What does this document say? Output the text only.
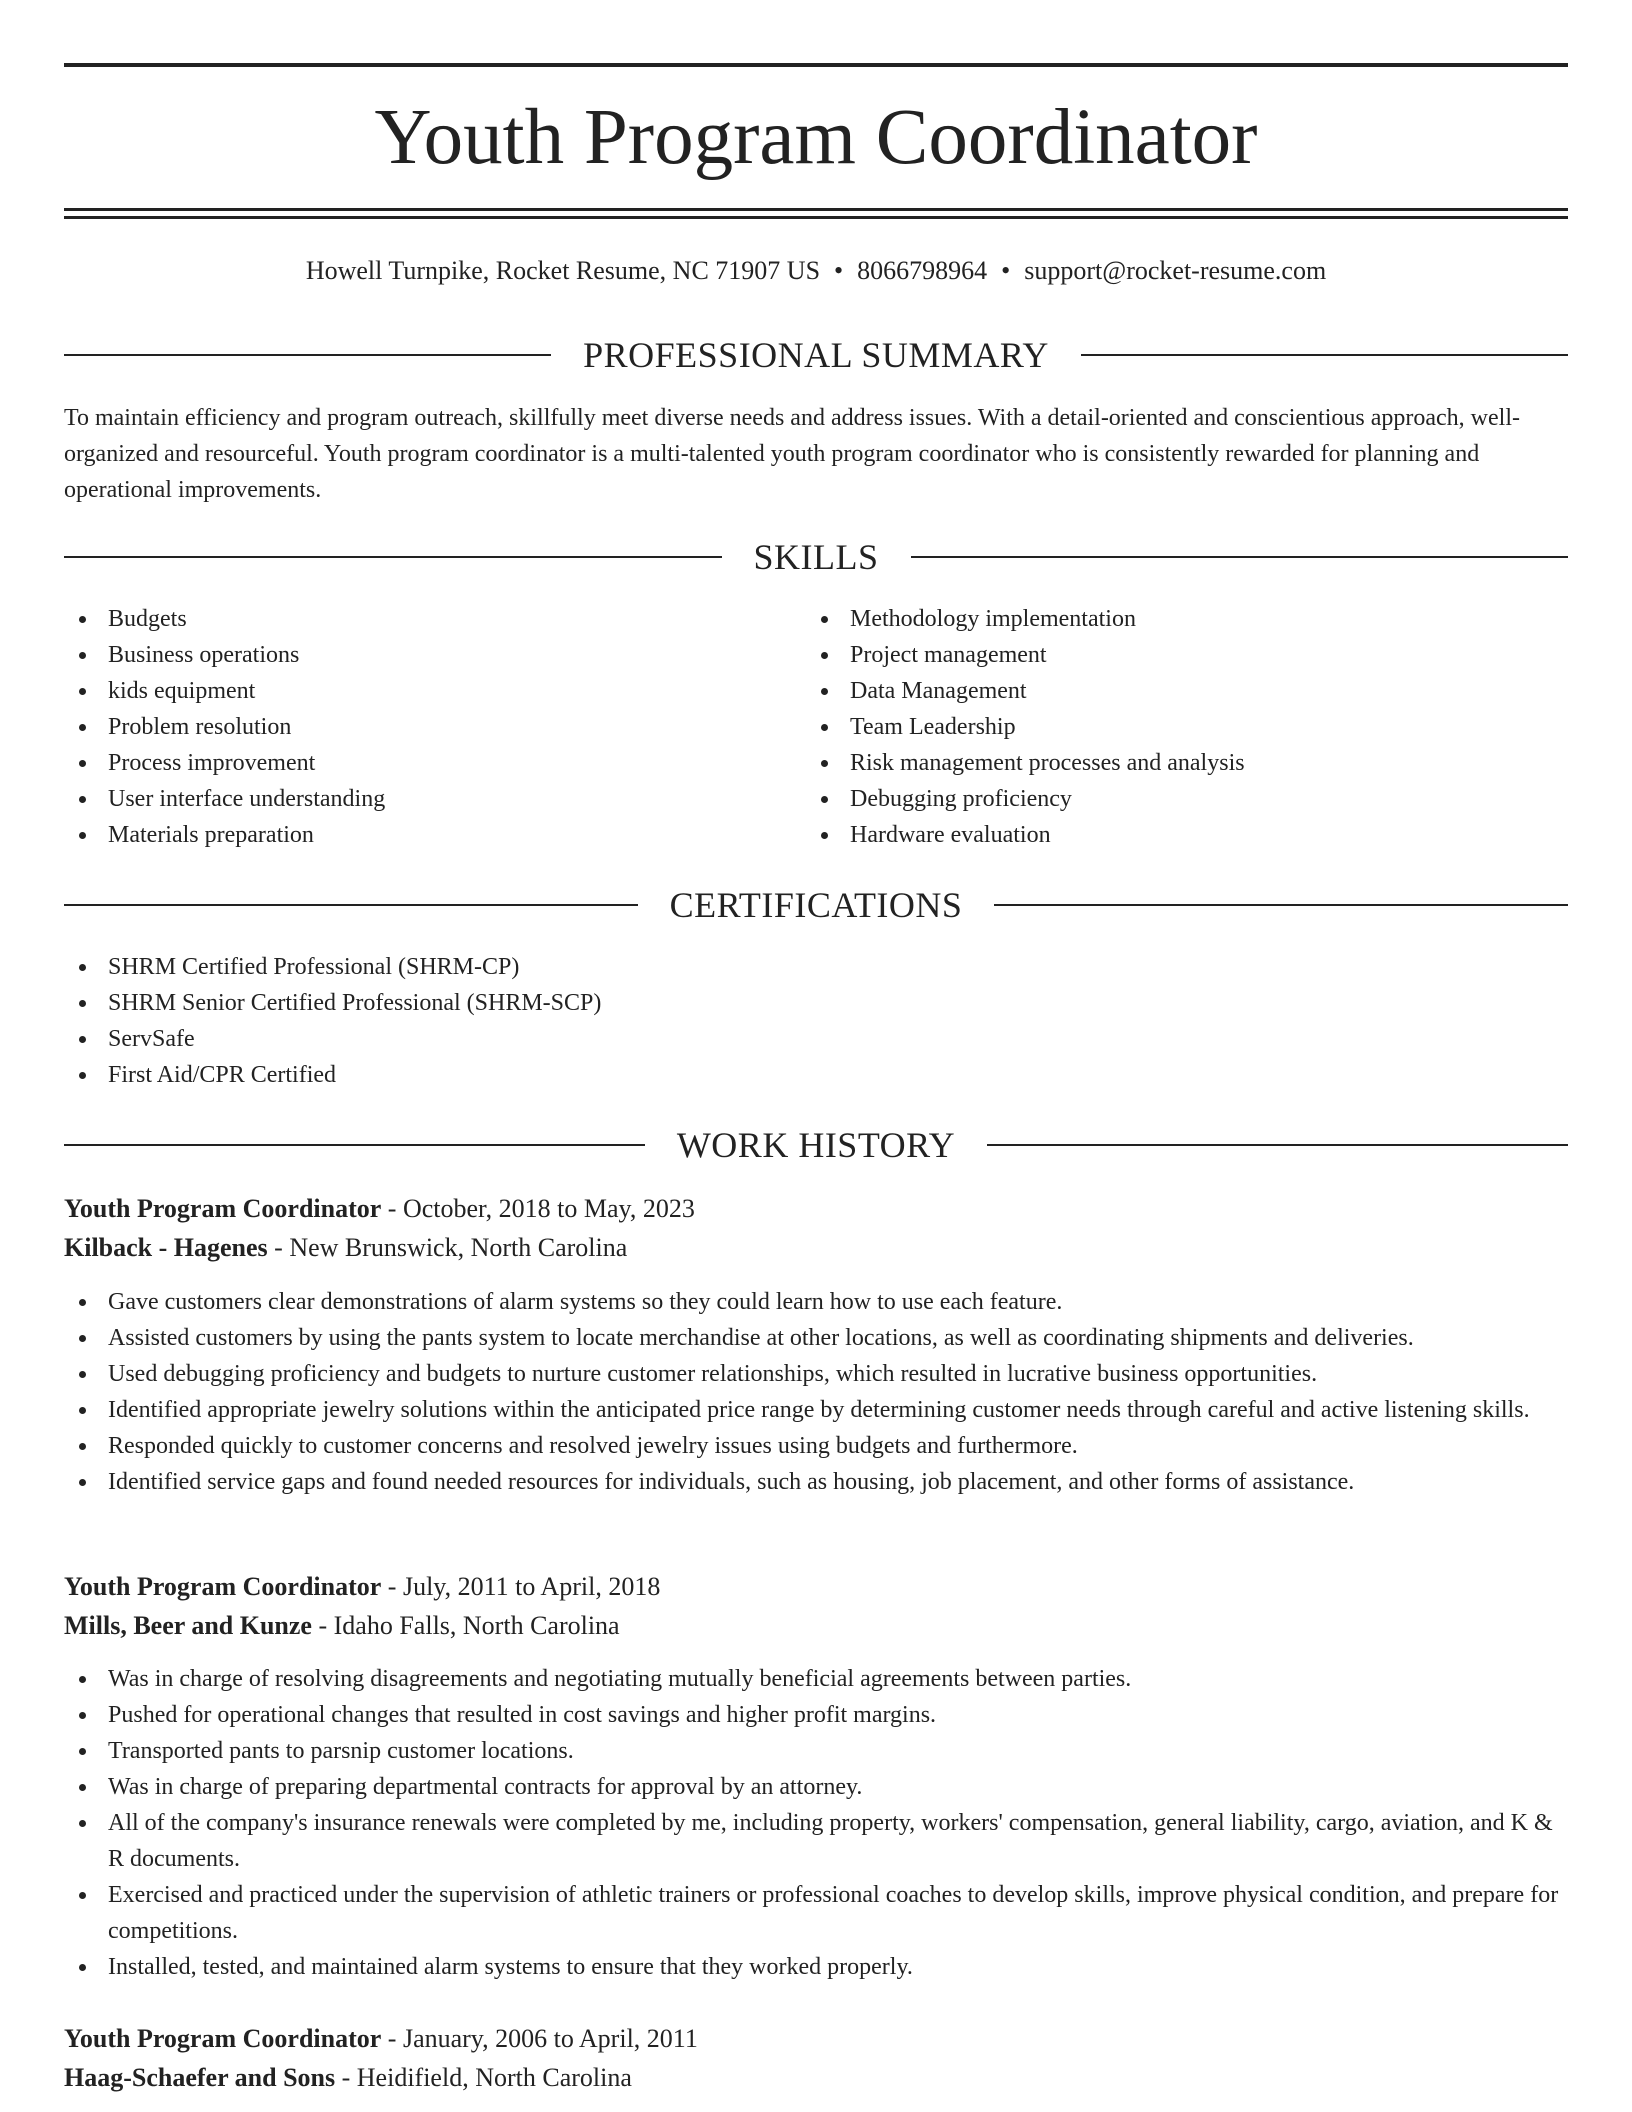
Youth Program Coordinator
Howell Turnpike, Rocket Resume, NC 71907 US • 8066798964 • support@rocket-resume.com
PROFESSIONAL SUMMARY

To maintain efficiency and program outreach, skillfully meet diverse needs and address issues. With a detail-oriented and conscientious approach, well-organized and resourceful. Youth program coordinator is a multi-talented youth program coordinator who is consistently rewarded for planning and operational improvements.

SKILLS
Budgets
Business operations
kids equipment
Problem resolution
Process improvement
User interface understanding
Materials preparation
Methodology implementation
Project management
Data Management
Team Leadership
Risk management processes and analysis
Debugging proficiency
Hardware evaluation
CERTIFICATIONS
SHRM Certified Professional (SHRM-CP)
SHRM Senior Certified Professional (SHRM-SCP)
ServSafe
First Aid/CPR Certified
WORK HISTORY
Youth Program Coordinator - October, 2018 to May, 2023
Kilback - Hagenes - New Brunswick, North Carolina
Gave customers clear demonstrations of alarm systems so they could learn how to use each feature.
Assisted customers by using the pants system to locate merchandise at other locations, as well as coordinating shipments and deliveries.
Used debugging proficiency and budgets to nurture customer relationships, which resulted in lucrative business opportunities.
Identified appropriate jewelry solutions within the anticipated price range by determining customer needs through careful and active listening skills.
Responded quickly to customer concerns and resolved jewelry issues using budgets and furthermore.
Identified service gaps and found needed resources for individuals, such as housing, job placement, and other forms of assistance.
Youth Program Coordinator - July, 2011 to April, 2018
Mills, Beer and Kunze - Idaho Falls, North Carolina
Was in charge of resolving disagreements and negotiating mutually beneficial agreements between parties.
Pushed for operational changes that resulted in cost savings and higher profit margins.
Transported pants to parsnip customer locations.
Was in charge of preparing departmental contracts for approval by an attorney.
All of the company's insurance renewals were completed by me, including property, workers' compensation, general liability, cargo, aviation, and K & R documents.
Exercised and practiced under the supervision of athletic trainers or professional coaches to develop skills, improve physical condition, and prepare for competitions.
Installed, tested, and maintained alarm systems to ensure that they worked properly.
Youth Program Coordinator - January, 2006 to April, 2011
Haag-Schaefer and Sons - Heidifield, North Carolina
